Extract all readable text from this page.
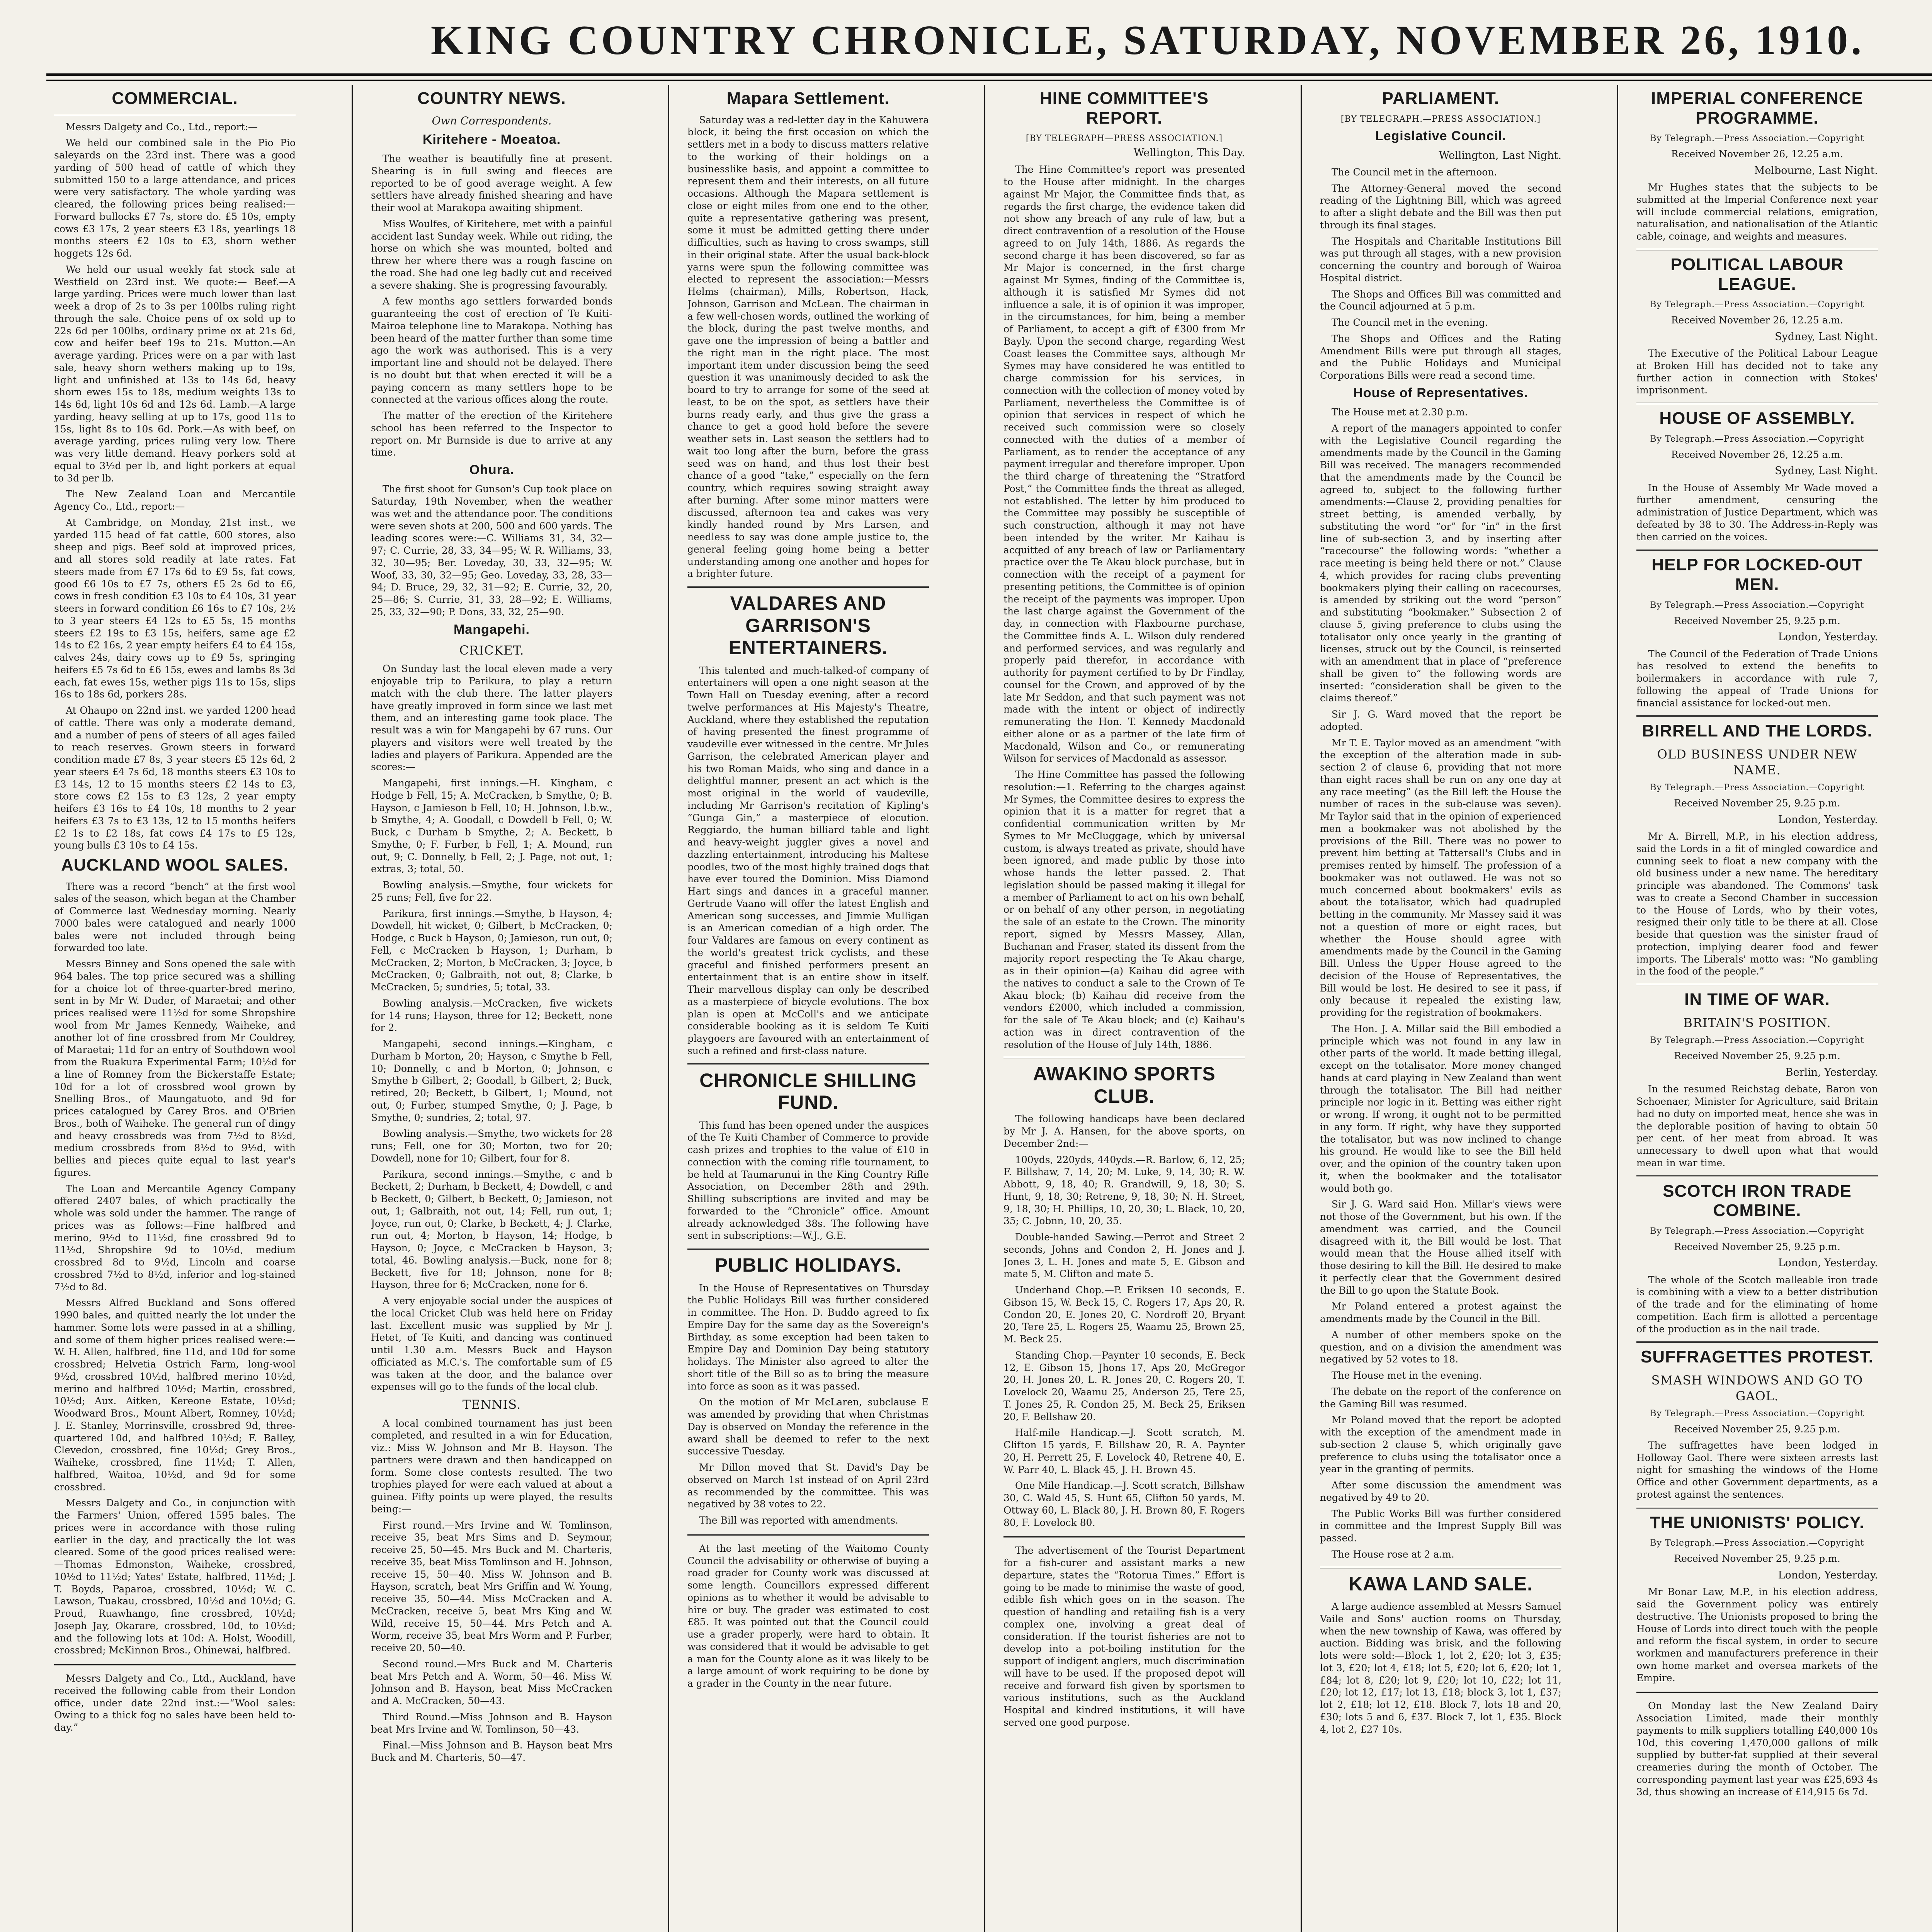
KING COUNTRY CHRONICLE, SATURDAY, NOVEMBER 26, 1910.
COMMERCIAL.

Messrs Dalgety and Co., Ltd., report:—

We held our combined sale in the Pio Pio saleyards on the 23rd inst. There was a good yarding of 500 head of cattle of which they submitted 150 to a large attendance, and prices were very satisfactory. The whole yarding was cleared, the following prices being realised:—Forward bullocks £7 7s, store do. £5 10s, empty cows £3 17s, 2 year steers £3 18s, yearlings 18 months steers £2 10s to £3, shorn wether hoggets 12s 6d.

We held our usual weekly fat stock sale at Westfield on 23rd inst. We quote:— Beef.—A large yarding. Prices were much lower than last week a drop of 2s to 3s per 100lbs ruling right through the sale. Choice pens of ox sold up to 22s 6d per 100lbs, ordinary prime ox at 21s 6d, cow and heifer beef 19s to 21s. Mutton.—An average yarding. Prices were on a par with last sale, heavy shorn wethers making up to 19s, light and unfinished at 13s to 14s 6d, heavy shorn ewes 15s to 18s, medium weights 13s to 14s 6d, light 10s 6d and 12s 6d. Lamb.—A large yarding, heavy selling at up to 17s, good 11s to 15s, light 8s to 10s 6d. Pork.—As with beef, on average yarding, prices ruling very low. There was very little demand. Heavy porkers sold at equal to 3½d per lb, and light porkers at equal to 3d per lb.

The New Zealand Loan and Mercantile Agency Co., Ltd., report:—

At Cambridge, on Monday, 21st inst., we yarded 115 head of fat cattle, 600 stores, also sheep and pigs. Beef sold at improved prices, and all stores sold readily at late rates. Fat steers made from £7 17s 6d to £9 5s, fat cows, good £6 10s to £7 7s, others £5 2s 6d to £6, cows in fresh condition £3 10s to £4 10s, 31 year steers in forward condition £6 16s to £7 10s, 2½ to 3 year steers £4 12s to £5 5s, 15 months steers £2 19s to £3 15s, heifers, same age £2 14s to £2 16s, 2 year empty heifers £4 to £4 15s, calves 24s, dairy cows up to £9 5s, springing heifers £5 7s 6d to £6 15s, ewes and lambs 8s 3d each, fat ewes 15s, wether pigs 11s to 15s, slips 16s to 18s 6d, porkers 28s.

At Ohaupo on 22nd inst. we yarded 1200 head of cattle. There was only a moderate demand, and a number of pens of steers of all ages failed to reach reserves. Grown steers in forward condition made £7 8s, 3 year steers £5 12s 6d, 2 year steers £4 7s 6d, 18 months steers £3 10s to £3 14s, 12 to 15 months steers £2 14s to £3, store cows £2 15s to £3 12s, 2 year empty heifers £3 16s to £4 10s, 18 months to 2 year heifers £3 7s to £3 13s, 12 to 15 months heifers £2 1s to £2 18s, fat cows £4 17s to £5 12s, young bulls £3 10s to £4 15s.

AUCKLAND WOOL SALES.

There was a record “bench” at the first wool sales of the season, which began at the Chamber of Commerce last Wednesday morning. Nearly 7000 bales were catalogued and nearly 1000 bales were not included through being forwarded too late.

Messrs Binney and Sons opened the sale with 964 bales. The top price secured was a shilling for a choice lot of three-quarter-bred merino, sent in by Mr W. Duder, of Maraetai; and other prices realised were 11½d for some Shropshire wool from Mr James Kennedy, Waiheke, and another lot of fine crossbred from Mr Couldrey, of Maraetai; 11d for an entry of Southdown wool from the Ruakura Experimental Farm; 10½d for a line of Romney from the Bickerstaffe Estate; 10d for a lot of crossbred wool grown by Snelling Bros., of Maungatuoto, and 9d for prices catalogued by Carey Bros. and O'Brien Bros., both of Waiheke. The general run of dingy and heavy crossbreds was from 7½d to 8½d, medium crossbreds from 8½d to 9½d, with bellies and pieces quite equal to last year's figures.

The Loan and Mercantile Agency Company offered 2407 bales, of which practically the whole was sold under the hammer. The range of prices was as follows:—Fine halfbred and merino, 9½d to 11½d, fine crossbred 9d to 11½d, Shropshire 9d to 10½d, medium crossbred 8d to 9½d, Lincoln and coarse crossbred 7½d to 8½d, inferior and log-stained 7½d to 8d.

Messrs Alfred Buckland and Sons offered 1990 bales, and quitted nearly the lot under the hammer. Some lots were passed in at a shilling, and some of them higher prices realised were:—W. H. Allen, halfbred, fine 11d, and 10d for some crossbred; Helvetia Ostrich Farm, long-wool 9½d, crossbred 10½d, halfbred merino 10½d, merino and halfbred 10½d; Martin, crossbred, 10½d; Aux. Aitken, Kereone Estate, 10½d; Woodward Bros., Mount Albert, Romney, 10½d; J. E. Stanley, Morrinsville, crossbred 9d, three-quartered 10d, and halfbred 10½d; F. Balley, Clevedon, crossbred, fine 10½d; Grey Bros., Waiheke, crossbred, fine 11½d; T. Allen, halfbred, Waitoa, 10½d, and 9d for some crossbred.

Messrs Dalgety and Co., in conjunction with the Farmers' Union, offered 1595 bales. The prices were in accordance with those ruling earlier in the day, and practically the lot was cleared. Some of the good prices realised were:—Thomas Edmonston, Waiheke, crossbred, 10½d to 11½d; Yates' Estate, halfbred, 11½d; J. T. Boyds, Paparoa, crossbred, 10½d; W. C. Lawson, Tuakau, crossbred, 10½d and 10½d; G. Proud, Ruawhango, fine crossbred, 10½d; Joseph Jay, Okarare, crossbred, 10d, to 10½d; and the following lots at 10d: A. Holst, Woodill, crossbred; McKinnon Bros., Ohinewai, halfbred.

Messrs Dalgety and Co., Ltd., Auckland, have received the following cable from their London office, under date 22nd inst.:—“Wool sales: Owing to a thick fog no sales have been held to-day.”

COUNTRY NEWS.
Own Correspondents.
Kiritehere - Moeatoa.

The weather is beautifully fine at present. Shearing is in full swing and fleeces are reported to be of good average weight. A few settlers have already finished shearing and have their wool at Marakopa awaiting shipment.

Miss Woulfes, of Kiritehere, met with a painful accident last Sunday week. While out riding, the horse on which she was mounted, bolted and threw her where there was a rough fascine on the road. She had one leg badly cut and received a severe shaking. She is progressing favourably.

A few months ago settlers forwarded bonds guaranteeing the cost of erection of Te Kuiti-Mairoa telephone line to Marakopa. Nothing has been heard of the matter further than some time ago the work was authorised. This is a very important line and should not be delayed. There is no doubt but that when erected it will be a paying concern as many settlers hope to be connected at the various offices along the route.

The matter of the erection of the Kiritehere school has been referred to the Inspector to report on. Mr Burnside is due to arrive at any time.

Ohura.

The first shoot for Gunson's Cup took place on Saturday, 19th November, when the weather was wet and the attendance poor. The conditions were seven shots at 200, 500 and 600 yards. The leading scores were:—C. Williams 31, 34, 32—97; C. Currie, 28, 33, 34—95; W. R. Williams, 33, 32, 30—95; Ber. Loveday, 30, 33, 32—95; W. Woof, 33, 30, 32—95; Geo. Loveday, 33, 28, 33—94; D. Bruce, 29, 32, 31—92; E. Currie, 32, 20, 25—86; S. Currie, 31, 33, 28—92; E. Williams, 25, 33, 32—90; P. Dons, 33, 32, 25—90.

Mangapehi.
CRICKET.

On Sunday last the local eleven made a very enjoyable trip to Parikura, to play a return match with the club there. The latter players have greatly improved in form since we last met them, and an interesting game took place. The result was a win for Mangapehi by 67 runs. Our players and visitors were well treated by the ladies and players of Parikura. Appended are the scores:—

Mangapehi, first innings.—H. Kingham, c Hodge b Fell, 15; A. McCracken, b Smythe, 0; B. Hayson, c Jamieson b Fell, 10; H. Johnson, l.b.w., b Smythe, 4; A. Goodall, c Dowdell b Fell, 0; W. Buck, c Durham b Smythe, 2; A. Beckett, b Smythe, 0; F. Furber, b Fell, 1; A. Mound, run out, 9; C. Donnelly, b Fell, 2; J. Page, not out, 1; extras, 3; total, 50.

Bowling analysis.—Smythe, four wickets for 25 runs; Fell, five for 22.

Parikura, first innings.—Smythe, b Hayson, 4; Dowdell, hit wicket, 0; Gilbert, b McCracken, 0; Hodge, c Buck b Hayson, 0; Jamieson, run out, 0; Fell, c McCracken b Hayson, 1; Durham, b McCracken, 2; Morton, b McCracken, 3; Joyce, b McCracken, 0; Galbraith, not out, 8; Clarke, b McCracken, 5; sundries, 5; total, 33.

Bowling analysis.—McCracken, five wickets for 14 runs; Hayson, three for 12; Beckett, none for 2.

Mangapehi, second innings.—Kingham, c Durham b Morton, 20; Hayson, c Smythe b Fell, 10; Donnelly, c and b Morton, 0; Johnson, c Smythe b Gilbert, 2; Goodall, b Gilbert, 2; Buck, retired, 20; Beckett, b Gilbert, 1; Mound, not out, 0; Furber, stumped Smythe, 0; J. Page, b Smythe, 0; sundries, 2; total, 97.

Bowling analysis.—Smythe, two wickets for 28 runs; Fell, one for 30; Morton, two for 20; Dowdell, none for 10; Gilbert, four for 8.

Parikura, second innings.—Smythe, c and b Beckett, 2; Durham, b Beckett, 4; Dowdell, c and b Beckett, 0; Gilbert, b Beckett, 0; Jamieson, not out, 1; Galbraith, not out, 14; Fell, run out, 1; Joyce, run out, 0; Clarke, b Beckett, 4; J. Clarke, run out, 4; Morton, b Hayson, 14; Hodge, b Hayson, 0; Joyce, c McCracken b Hayson, 3; total, 46. Bowling analysis.—Buck, none for 8; Beckett, five for 18; Johnson, none for 8; Hayson, three for 6; McCracken, none for 6.

A very enjoyable social under the auspices of the local Cricket Club was held here on Friday last. Excellent music was supplied by Mr J. Hetet, of Te Kuiti, and dancing was continued until 1.30 a.m. Messrs Buck and Hayson officiated as M.C.'s. The comfortable sum of £5 was taken at the door, and the balance over expenses will go to the funds of the local club.

TENNIS.

A local combined tournament has just been completed, and resulted in a win for Education, viz.: Miss W. Johnson and Mr B. Hayson. The partners were drawn and then handicapped on form. Some close contests resulted. The two trophies played for were each valued at about a guinea. Fifty points up were played, the results being:—

First round.—Mrs Irvine and W. Tomlinson, receive 35, beat Mrs Sims and D. Seymour, receive 25, 50—45. Mrs Buck and M. Charteris, receive 35, beat Miss Tomlinson and H. Johnson, receive 15, 50—40. Miss W. Johnson and B. Hayson, scratch, beat Mrs Griffin and W. Young, receive 35, 50—44. Miss McCracken and A. McCracken, receive 5, beat Mrs King and W. Wild, receive 15, 50—44. Mrs Petch and A. Worm, receive 35, beat Mrs Worm and P. Furber, receive 20, 50—40.

Second round.—Mrs Buck and M. Charteris beat Mrs Petch and A. Worm, 50—46. Miss W. Johnson and B. Hayson, beat Miss McCracken and A. McCracken, 50—43.

Third Round.—Miss Johnson and B. Hayson beat Mrs Irvine and W. Tomlinson, 50—43.

Final.—Miss Johnson and B. Hayson beat Mrs Buck and M. Charteris, 50—47.

Mapara Settlement.

Saturday was a red-letter day in the Kahuwera block, it being the first occasion on which the settlers met in a body to discuss matters relative to the working of their holdings on a businesslike basis, and appoint a committee to represent them and their interests, on all future occasions. Although the Mapara settlement is close or eight miles from one end to the other, quite a representative gathering was present, some it must be admitted getting there under difficulties, such as having to cross swamps, still in their original state. After the usual back-block yarns were spun the following committee was elected to represent the association:—Messrs Helms (chairman), Mills, Robertson, Hack, Johnson, Garrison and McLean. The chairman in a few well-chosen words, outlined the working of the block, during the past twelve months, and gave one the impression of being a battler and the right man in the right place. The most important item under discussion being the seed question it was unanimously decided to ask the board to try to arrange for some of the seed at least, to be on the spot, as settlers have their burns ready early, and thus give the grass a chance to get a good hold before the severe weather sets in. Last season the settlers had to wait too long after the burn, before the grass seed was on hand, and thus lost their best chance of a good “take,” especially on the fern country, which requires sowing straight away after burning. After some minor matters were discussed, afternoon tea and cakes was very kindly handed round by Mrs Larsen, and needless to say was done ample justice to, the general feeling going home being a better understanding among one another and hopes for a brighter future.

VALDARES AND GARRISON'S ENTERTAINERS.

This talented and much-talked-of company of entertainers will open a one night season at the Town Hall on Tuesday evening, after a record twelve performances at His Majesty's Theatre, Auckland, where they established the reputation of having presented the finest programme of vaudeville ever witnessed in the centre. Mr Jules Garrison, the celebrated American player and his two Roman Maids, who sing and dance in a delightful manner, present an act which is the most original in the world of vaudeville, including Mr Garrison's recitation of Kipling's “Gunga Gin,” a masterpiece of elocution. Reggiardo, the human billiard table and light and heavy-weight juggler gives a novel and dazzling entertainment, introducing his Maltese poodles, two of the most highly trained dogs that have ever toured the Dominion. Miss Diamond Hart sings and dances in a graceful manner. Gertrude Vaano will offer the latest English and American song successes, and Jimmie Mulligan is an American comedian of a high order. The four Valdares are famous on every continent as the world's greatest trick cyclists, and these graceful and finished performers present an entertainment that is an entire show in itself. Their marvellous display can only be described as a masterpiece of bicycle evolutions. The box plan is open at McColl's and we anticipate considerable booking as it is seldom Te Kuiti playgoers are favoured with an entertainment of such a refined and first-class nature.

CHRONICLE SHILLING FUND.

This fund has been opened under the auspices of the Te Kuiti Chamber of Commerce to provide cash prizes and trophies to the value of £10 in connection with the coming rifle tournament, to be held at Taumarunui in the King Country Rifle Association, on December 28th and 29th. Shilling subscriptions are invited and may be forwarded to the “Chronicle” office. Amount already acknowledged 38s. The following have sent in subscriptions:—W.J., G.E.

PUBLIC HOLIDAYS.

In the House of Representatives on Thursday the Public Holidays Bill was further considered in committee. The Hon. D. Buddo agreed to fix Empire Day for the same day as the Sovereign's Birthday, as some exception had been taken to Empire Day and Dominion Day being statutory holidays. The Minister also agreed to alter the short title of the Bill so as to bring the measure into force as soon as it was passed.

On the motion of Mr McLaren, subclause E was amended by providing that when Christmas Day is observed on Monday the reference in the award shall be deemed to refer to the next successive Tuesday.

Mr Dillon moved that St. David's Day be observed on March 1st instead of on April 23rd as recommended by the committee. This was negatived by 38 votes to 22.

The Bill was reported with amendments.

At the last meeting of the Waitomo County Council the advisability or otherwise of buying a road grader for County work was discussed at some length. Councillors expressed different opinions as to whether it would be advisable to hire or buy. The grader was estimated to cost £85. It was pointed out that the Council could use a grader properly, were hard to obtain. It was considered that it would be advisable to get a man for the County alone as it was likely to be a large amount of work requiring to be done by a grader in the County in the near future.

HINE COMMITTEE'S REPORT.
[BY TELEGRAPH—PRESS ASSOCIATION.]
Wellington, This Day.

The Hine Committee's report was presented to the House after midnight. In the charges against Mr Major, the Committee finds that, as regards the first charge, the evidence taken did not show any breach of any rule of law, but a direct contravention of a resolution of the House agreed to on July 14th, 1886. As regards the second charge it has been discovered, so far as Mr Major is concerned, in the first charge against Mr Symes, finding of the Committee is, although it is satisfied Mr Symes did not influence a sale, it is of opinion it was improper, in the circumstances, for him, being a member of Parliament, to accept a gift of £300 from Mr Bayly. Upon the second charge, regarding West Coast leases the Committee says, although Mr Symes may have considered he was entitled to charge commission for his services, in connection with the collection of money voted by Parliament, nevertheless the Committee is of opinion that services in respect of which he received such commission were so closely connected with the duties of a member of Parliament, as to render the acceptance of any payment irregular and therefore improper. Upon the third charge of threatening the “Stratford Post,” the Committee finds the threat as alleged, not established. The letter by him produced to the Committee may possibly be susceptible of such construction, although it may not have been intended by the writer. Mr Kaihau is acquitted of any breach of law or Parliamentary practice over the Te Akau block purchase, but in connection with the receipt of a payment for presenting petitions, the Committee is of opinion the receipt of the payments was improper. Upon the last charge against the Government of the day, in connection with Flaxbourne purchase, the Committee finds A. L. Wilson duly rendered and performed services, and was regularly and properly paid therefor, in accordance with authority for payment certified to by Dr Findlay, counsel for the Crown, and approved of by the late Mr Seddon, and that such payment was not made with the intent or object of indirectly remunerating the Hon. T. Kennedy Macdonald either alone or as a partner of the late firm of Macdonald, Wilson and Co., or remunerating Wilson for services of Macdonald as assessor.

The Hine Committee has passed the following resolution:—1. Referring to the charges against Mr Symes, the Committee desires to express the opinion that it is a matter for regret that a confidential communication written by Mr Symes to Mr McCluggage, which by universal custom, is always treated as private, should have been ignored, and made public by those into whose hands the letter passed. 2. That legislation should be passed making it illegal for a member of Parliament to act on his own behalf, or on behalf of any other person, in negotiating the sale of an estate to the Crown. The minority report, signed by Messrs Massey, Allan, Buchanan and Fraser, stated its dissent from the majority report respecting the Te Akau charge, as in their opinion—(a) Kaihau did agree with the natives to conduct a sale to the Crown of Te Akau block; (b) Kaihau did receive from the vendors £2000, which included a commission, for the sale of Te Akau block; and (c) Kaihau's action was in direct contravention of the resolution of the House of July 14th, 1886.

AWAKINO SPORTS CLUB.

The following handicaps have been declared by Mr J. A. Hansen, for the above sports, on December 2nd:—

100yds, 220yds, 440yds.—R. Barlow, 6, 12, 25; F. Billshaw, 7, 14, 20; M. Luke, 9, 14, 30; R. W. Abbott, 9, 18, 40; R. Grandwill, 9, 18, 30; S. Hunt, 9, 18, 30; Retrene, 9, 18, 30; N. H. Street, 9, 18, 30; H. Phillips, 10, 20, 30; L. Black, 10, 20, 35; C. Jobnn, 10, 20, 35.

Double-handed Sawing.—Perrot and Street 2 seconds, Johns and Condon 2, H. Jones and J. Jones 3, L. H. Jones and mate 5, E. Gibson and mate 5, M. Clifton and mate 5.

Underhand Chop.—P. Eriksen 10 seconds, E. Gibson 15, W. Beck 15, C. Rogers 17, Aps 20, R. Condon 20, E. Jones 20, C. Nordroff 20, Bryant 20, Tere 25, L. Rogers 25, Waamu 25, Brown 25, M. Beck 25.

Standing Chop.—Paynter 10 seconds, E. Beck 12, E. Gibson 15, Jhons 17, Aps 20, McGregor 20, H. Jones 20, L. R. Jones 20, C. Rogers 20, T. Lovelock 20, Waamu 25, Anderson 25, Tere 25, T. Jones 25, R. Condon 25, M. Beck 25, Eriksen 20, F. Bellshaw 20.

Half-mile Handicap.—J. Scott scratch, M. Clifton 15 yards, F. Billshaw 20, R. A. Paynter 20, H. Perrett 25, F. Lovelock 40, Retrene 40, E. W. Parr 40, L. Black 45, J. H. Brown 45.

One Mile Handicap.—J. Scott scratch, Billshaw 30, C. Wald 45, S. Hunt 65, Clifton 50 yards, M. Ottway 60, L. Black 80, J. H. Brown 80, F. Rogers 80, F. Lovelock 80.

The advertisement of the Tourist Department for a fish-curer and assistant marks a new departure, states the “Rotorua Times.” Effort is going to be made to minimise the waste of good, edible fish which goes on in the season. The question of handling and retailing fish is a very complex one, involving a great deal of consideration. If the tourist fisheries are not to develop into a pot-boiling institution for the support of indigent anglers, much discrimination will have to be used. If the proposed depot will receive and forward fish given by sportsmen to various institutions, such as the Auckland Hospital and kindred institutions, it will have served one good purpose.

PARLIAMENT.
[BY TELEGRAPH.—PRESS ASSOCIATION.]
Legislative Council.
Wellington, Last Night.

The Council met in the afternoon.

The Attorney-General moved the second reading of the Lightning Bill, which was agreed to after a slight debate and the Bill was then put through its final stages.

The Hospitals and Charitable Institutions Bill was put through all stages, with a new provision concerning the country and borough of Wairoa Hospital district.

The Shops and Offices Bill was committed and the Council adjourned at 5 p.m.

The Council met in the evening.

The Shops and Offices and the Rating Amendment Bills were put through all stages, and the Public Holidays and Municipal Corporations Bills were read a second time.

House of Representatives.

The House met at 2.30 p.m.

A report of the managers appointed to confer with the Legislative Council regarding the amendments made by the Council in the Gaming Bill was received. The managers recommended that the amendments made by the Council be agreed to, subject to the following further amendments:—Clause 2, providing penalties for street betting, is amended verbally, by substituting the word “or” for “in” in the first line of sub-section 3, and by inserting after “racecourse” the following words: “whether a race meeting is being held there or not.” Clause 4, which provides for racing clubs preventing bookmakers plying their calling on racecourses, is amended by striking out the word “person” and substituting “bookmaker.” Subsection 2 of clause 5, giving preference to clubs using the totalisator only once yearly in the granting of licenses, struck out by the Council, is reinserted with an amendment that in place of “preference shall be given to” the following words are inserted: “consideration shall be given to the claims thereof.”

Sir J. G. Ward moved that the report be adopted.

Mr T. E. Taylor moved as an amendment “with the exception of the alteration made in sub-section 2 of clause 6, providing that not more than eight races shall be run on any one day at any race meeting” (as the Bill left the House the number of races in the sub-clause was seven). Mr Taylor said that in the opinion of experienced men a bookmaker was not abolished by the provisions of the Bill. There was no power to prevent him betting at Tattersall's Clubs and in premises rented by himself. The profession of a bookmaker was not outlawed. He was not so much concerned about bookmakers' evils as about the totalisator, which had quadrupled betting in the community. Mr Massey said it was not a question of more or eight races, but whether the House should agree with amendments made by the Council in the Gaming Bill. Unless the Upper House agreed to the decision of the House of Representatives, the Bill would be lost. He desired to see it pass, if only because it repealed the existing law, providing for the registration of bookmakers.

The Hon. J. A. Millar said the Bill embodied a principle which was not found in any law in other parts of the world. It made betting illegal, except on the totalisator. More money changed hands at card playing in New Zealand than went through the totalisator. The Bill had neither principle nor logic in it. Betting was either right or wrong. If wrong, it ought not to be permitted in any form. If right, why have they supported the totalisator, but was now inclined to change his ground. He would like to see the Bill held over, and the opinion of the country taken upon it, when the bookmaker and the totalisator would both go.

Sir J. G. Ward said Hon. Millar's views were not those of the Government, but his own. If the amendment was carried, and the Council disagreed with it, the Bill would be lost. That would mean that the House allied itself with those desiring to kill the Bill. He desired to make it perfectly clear that the Government desired the Bill to go upon the Statute Book.

Mr Poland entered a protest against the amendments made by the Council in the Bill.

A number of other members spoke on the question, and on a division the amendment was negatived by 52 votes to 18.

The House met in the evening.

The debate on the report of the conference on the Gaming Bill was resumed.

Mr Poland moved that the report be adopted with the exception of the amendment made in sub-section 2 clause 5, which originally gave preference to clubs using the totalisator once a year in the granting of permits.

After some discussion the amendment was negatived by 49 to 20.

The Public Works Bill was further considered in committee and the Imprest Supply Bill was passed.

The House rose at 2 a.m.

KAWA LAND SALE.

A large audience assembled at Messrs Samuel Vaile and Sons' auction rooms on Thursday, when the new township of Kawa, was offered by auction. Bidding was brisk, and the following lots were sold:—Block 1, lot 2, £20; lot 3, £35; lot 3, £20; lot 4, £18; lot 5, £20; lot 6, £20; lot 1, £84; lot 8, £20; lot 9, £20; lot 10, £22; lot 11, £20; lot 12, £17; lot 13, £18; block 3, lot 1, £37; lot 2, £18; lot 12, £18. Block 7, lots 18 and 20, £30; lots 5 and 6, £37. Block 7, lot 1, £35. Block 4, lot 2, £27 10s.

IMPERIAL CONFERENCE PROGRAMME.
By Telegraph.—Press Association.—Copyright
Received November 26, 12.25 a.m.
Melbourne, Last Night.

Mr Hughes states that the subjects to be submitted at the Imperial Conference next year will include commercial relations, emigration, naturalisation, and nationalisation of the Atlantic cable, coinage, and weights and measures.

POLITICAL LABOUR LEAGUE.
By Telegraph.—Press Association.—Copyright
Received November 26, 12.25 a.m.
Sydney, Last Night.

The Executive of the Political Labour League at Broken Hill has decided not to take any further action in connection with Stokes' imprisonment.

HOUSE OF ASSEMBLY.
By Telegraph.—Press Association.—Copyright
Received November 26, 12.25 a.m.
Sydney, Last Night.

In the House of Assembly Mr Wade moved a further amendment, censuring the administration of Justice Department, which was defeated by 38 to 30. The Address-in-Reply was then carried on the voices.

HELP FOR LOCKED-OUT MEN.
By Telegraph.—Press Association.—Copyright
Received November 25, 9.25 p.m.
London, Yesterday.

The Council of the Federation of Trade Unions has resolved to extend the benefits to boilermakers in accordance with rule 7, following the appeal of Trade Unions for financial assistance for locked-out men.

BIRRELL AND THE LORDS.
OLD BUSINESS UNDER NEW NAME.
By Telegraph.—Press Association.—Copyright
Received November 25, 9.25 p.m.
London, Yesterday.

Mr A. Birrell, M.P., in his election address, said the Lords in a fit of mingled cowardice and cunning seek to float a new company with the old business under a new name. The hereditary principle was abandoned. The Commons' task was to create a Second Chamber in succession to the House of Lords, who by their votes, resigned their only title to be there at all. Close beside that question was the sinister fraud of protection, implying dearer food and fewer imports. The Liberals' motto was: “No gambling in the food of the people.”

IN TIME OF WAR.
BRITAIN'S POSITION.
By Telegraph.—Press Association.—Copyright
Received November 25, 9.25 p.m.
Berlin, Yesterday.

In the resumed Reichstag debate, Baron von Schoenaer, Minister for Agriculture, said Britain had no duty on imported meat, hence she was in the deplorable position of having to obtain 50 per cent. of her meat from abroad. It was unnecessary to dwell upon what that would mean in war time.

SCOTCH IRON TRADE COMBINE.
By Telegraph.—Press Association.—Copyright
Received November 25, 9.25 p.m.
London, Yesterday.

The whole of the Scotch malleable iron trade is combining with a view to a better distribution of the trade and for the eliminating of home competition. Each firm is allotted a percentage of the production as in the nail trade.

SUFFRAGETTES PROTEST.
SMASH WINDOWS AND GO TO GAOL.
By Telegraph.—Press Association.—Copyright
Received November 25, 9.25 p.m.

The suffragettes have been lodged in Holloway Gaol. There were sixteen arrests last night for smashing the windows of the Home Office and other Government departments, as a protest against the sentences.

THE UNIONISTS' POLICY.
By Telegraph.—Press Association.—Copyright
Received November 25, 9.25 p.m.
London, Yesterday.

Mr Bonar Law, M.P., in his election address, said the Government policy was entirely destructive. The Unionists proposed to bring the House of Lords into direct touch with the people and reform the fiscal system, in order to secure workmen and manufacturers preference in their own home market and oversea markets of the Empire.

On Monday last the New Zealand Dairy Association Limited, made their monthly payments to milk suppliers totalling £40,000 10s 10d, this covering 1,470,000 gallons of milk supplied by butter-fat supplied at their several creameries during the month of October. The corresponding payment last year was £25,693 4s 3d, thus showing an increase of £14,915 6s 7d.
